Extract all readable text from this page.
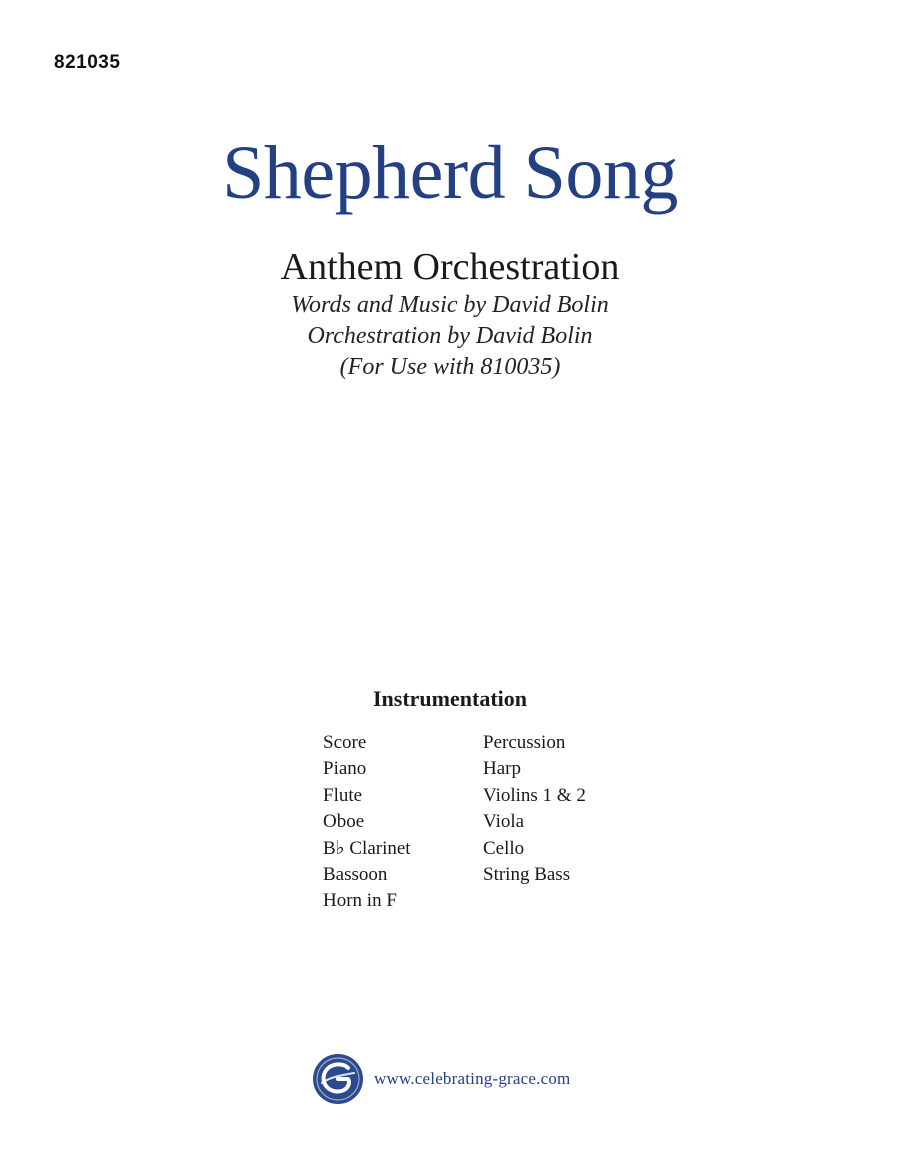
821035
Shepherd Song
Anthem Orchestration
Words and Music by David Bolin
Orchestration by David Bolin
(For Use with 810035)
Instrumentation
Score
Piano
Flute
Oboe
B♭ Clarinet
Bassoon
Horn in F
Percussion
Harp
Violins 1 & 2
Viola
Cello
String Bass
www.celebrating-grace.com
